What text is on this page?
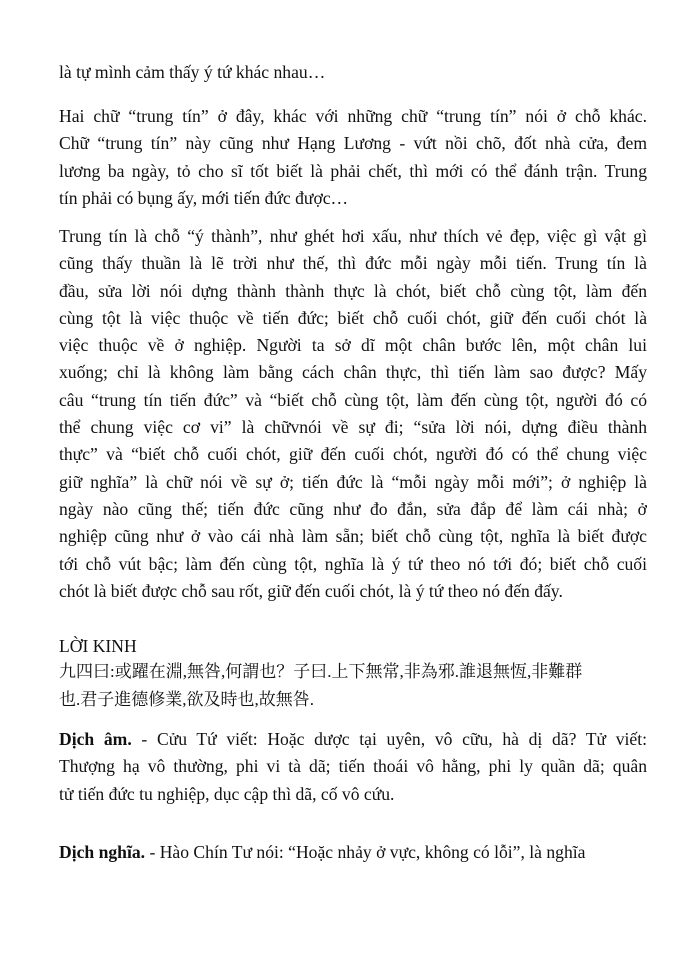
là tự mình cảm thấy ý tứ khác nhau…
Hai chữ “trung tín” ở đây, khác với những chữ “trung tín” nói ở chỗ khác.
Chữ “trung tín” này cũng như Hạng Lương - vứt nồi chõ, đốt nhà cửa, đem
lương ba ngày, tỏ cho sĩ tốt biết là phải chết, thì mới có thể đánh trận. Trung
tín phải có bụng ấy, mới tiến đức được…
Trung tín là chỗ “ý thành”, như ghét hơi xấu, như thích vẻ đẹp, việc gì vật gì
cũng thấy thuần là lẽ trời như thế, thì đức mỗi ngày mỗi tiến. Trung tín là
đầu, sửa lời nói dựng thành thành thực là chót, biết chỗ cùng tột, làm đến
cùng tột là việc thuộc về tiến đức; biết chỗ cuối chót, giữ đến cuối chót là
việc thuộc về ở nghiệp. Người ta sở dĩ một chân bước lên, một chân lui
xuống; chỉ là không làm bằng cách chân thực, thì tiến làm sao được? Mấy
câu “trung tín tiến đức” và “biết chỗ cùng tột, làm đến cùng tột, người đó có
thể chung việc cơ vi” là chữvnói về sự đi; “sửa lời nói, dựng điều thành
thực” và “biết chỗ cuối chót, giữ đến cuối chót, người đó có thể chung việc
giữ nghĩa” là chữ nói về sự ở; tiến đức là “mỗi ngày mỗi mới”; ở nghiệp là
ngày nào cũng thế; tiến đức cũng như đo đắn, sửa đắp để làm cái nhà; ở
nghiệp cũng như ở vào cái nhà làm sẵn; biết chỗ cùng tột, nghĩa là biết được
tới chỗ vút bậc; làm đến cùng tột, nghĩa là ý tứ theo nó tới đó; biết chỗ cuối
chót là biết được chỗ sau rốt, giữ đến cuối chót, là ý tứ theo nó đến đấy.
LỜI KINH
九四曰:或躍在淵,無咎,何謂也？子曰.上下無常,非為邪.誰退無恆,非難群
也.君子進德修業,欲及時也,故無咎.
Dịch âm. - Cửu Tứ viết: Hoặc dược tại uyên, vô cữu, hà dị dã? Tử viết:
Thượng hạ vô thường, phi vi tà dã; tiến thoái vô hằng, phi ly quần dã; quân
tử tiến đức tu nghiệp, dục cập thì dã, cố vô cứu.
Dịch nghĩa. - Hào Chín Tư nói: “Hoặc nhảy ở vực, không có lỗi”, là nghĩa
